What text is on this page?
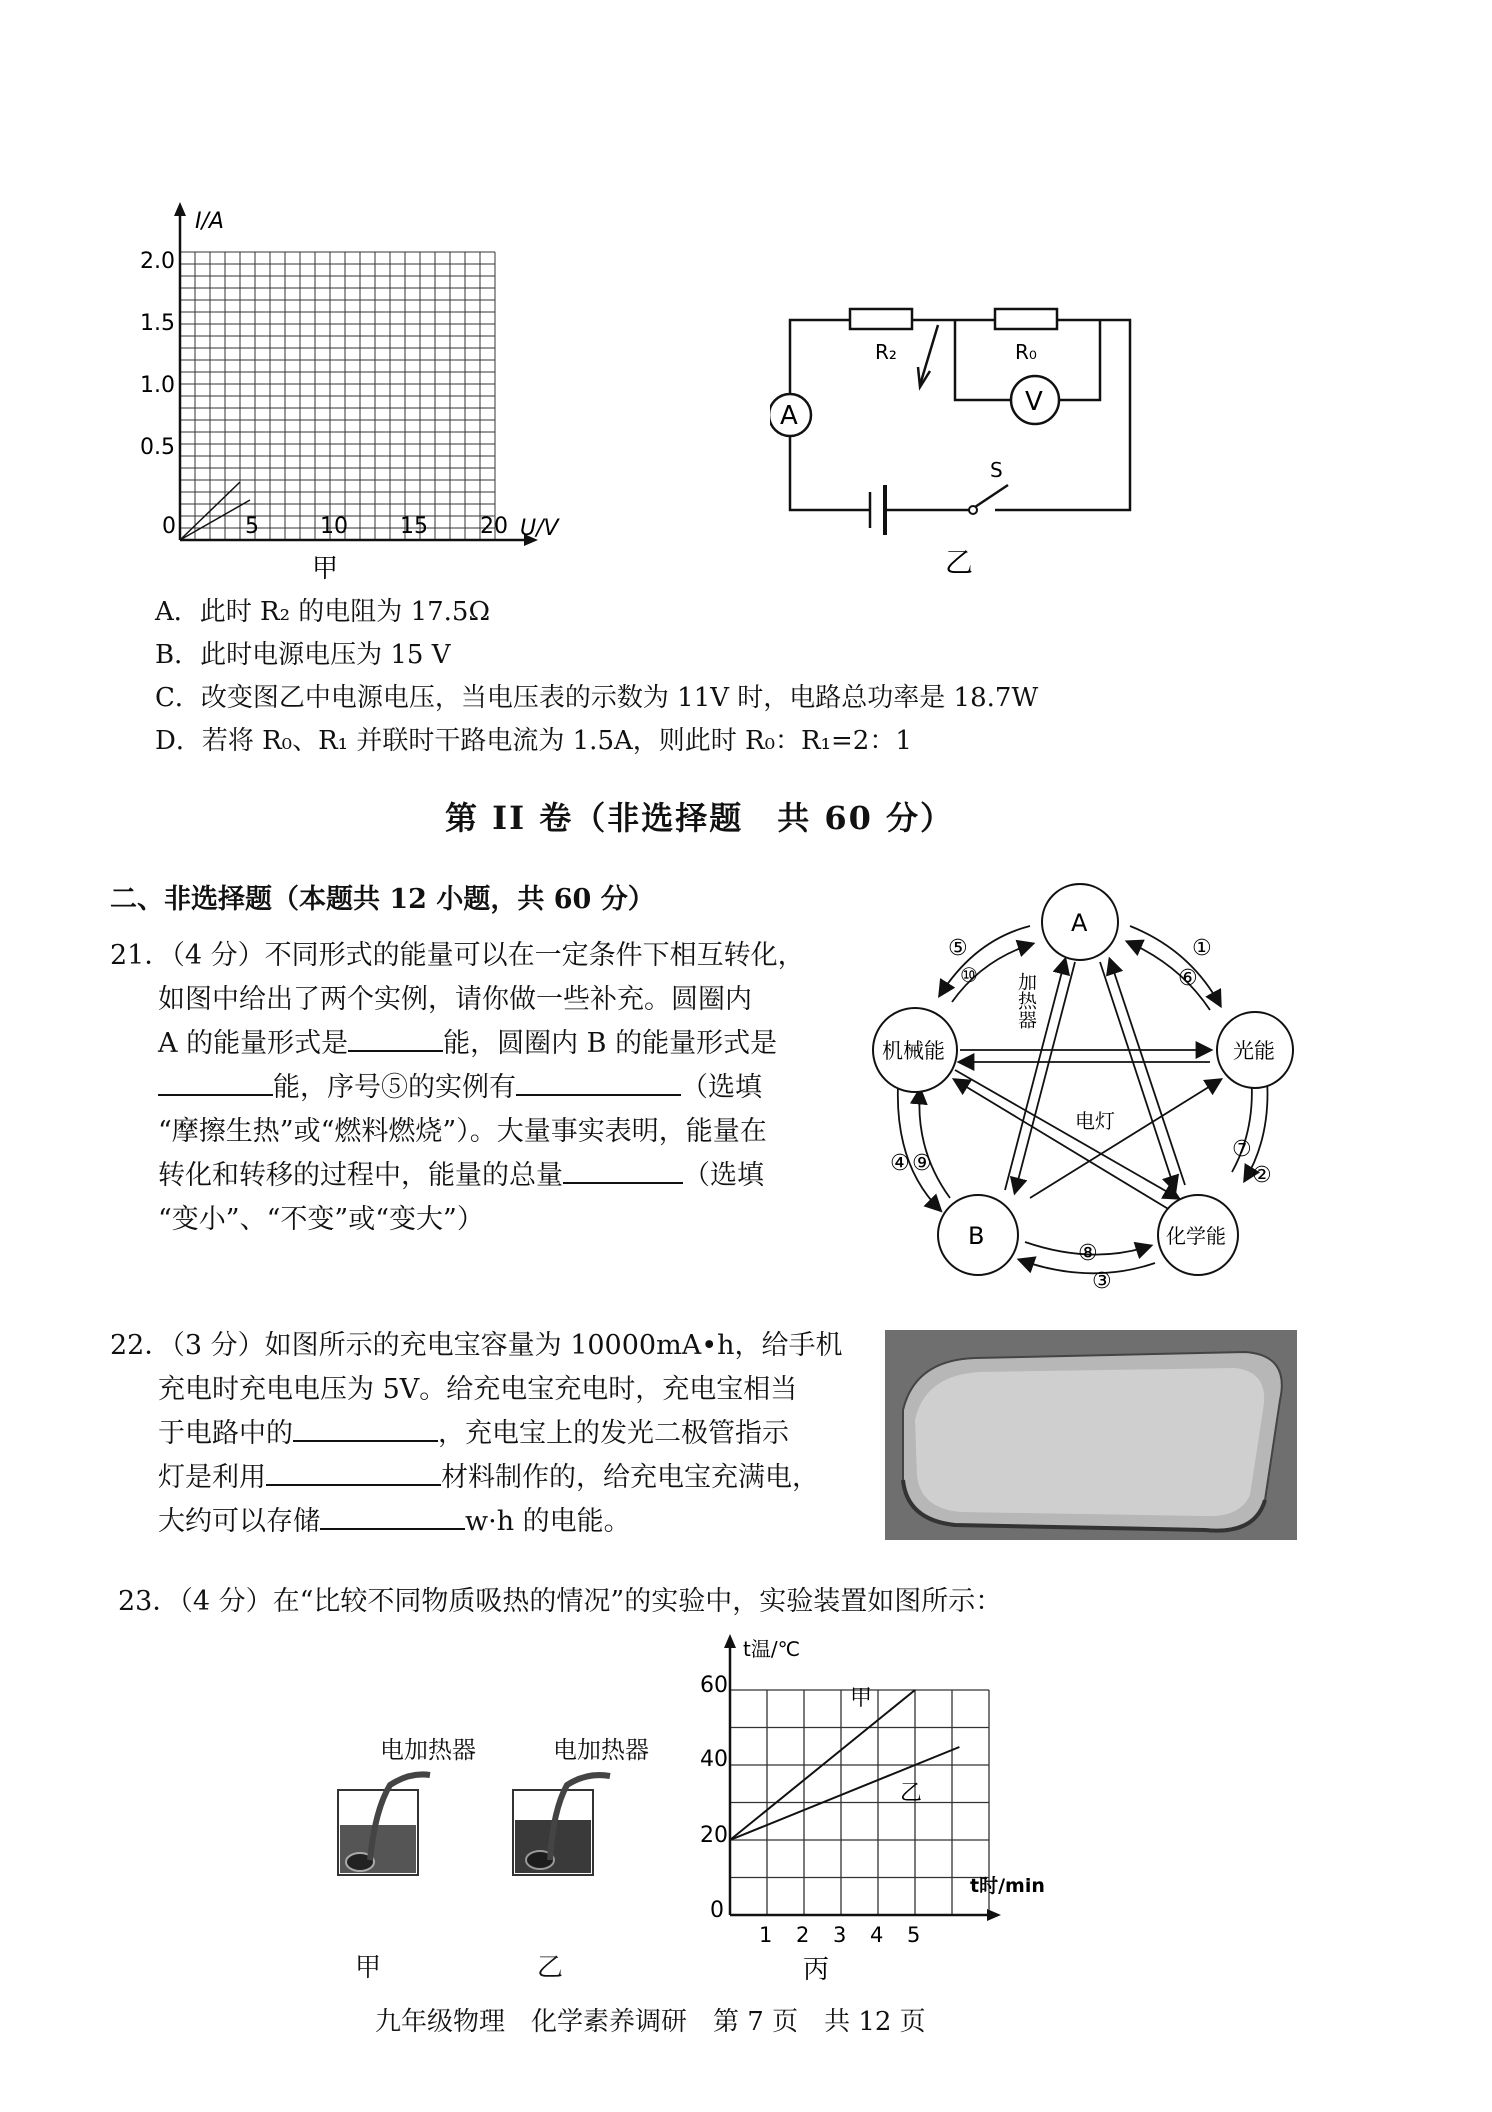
I/A
2.0
1.5
1.0
0.5
0	5	10 15 20 U/V
甲
A	V
R₂	R₀
S
乙
A．此时 R₂ 的电阻为 17.5Ω
B．此时电源电压为 15 V
C．改变图乙中电源电压，当电压表的示数为 11V 时，电路总功率是 18.7W
D．若将 R₀、R₁ 并联时干路电流为 1.5A，则此时 R₀：R₁=2：1
第 II 卷（非选择题　共 60 分）
二、非选择题（本题共 12 小题，共 60 分）
21．（4 分）不同形式的能量可以在一定条件下相互转化，
如图中给出了两个实例，请你做一些补充。圆圈内
A 的能量形式是	能，圆圈内 B 的能量形式是
能，序号⑤的实例有	（选填
“摩擦生热”或“燃料燃烧”）。大量事实表明，能量在
转化和转移的过程中，能量的总量	（选填
“变小”、“不变”或“变大”）
A
机械能	光能
B	化学能
加热器
电灯
①
⑥
⑤
⑩
⑦
②
④ ⑨
⑧
③
22．（3 分）如图所示的充电宝容量为 10000mA•h，给手机
充电时充电电压为 5V。给充电宝充电时，充电宝相当
于电路中的	，充电宝上的发光二极管指示
灯是利用	材料制作的，给充电宝充满电，
大约可以存储	w·h 的电能。
23．（4 分）在“比较不同物质吸热的情况”的实验中，实验装置如图所示：
电加热器	电加热器
甲	乙
t温/℃
t时/min
60
40
20
0
1 2 3 4 5
甲
乙
丙
九年级物理　化学素养调研　第 7 页　共 12 页
